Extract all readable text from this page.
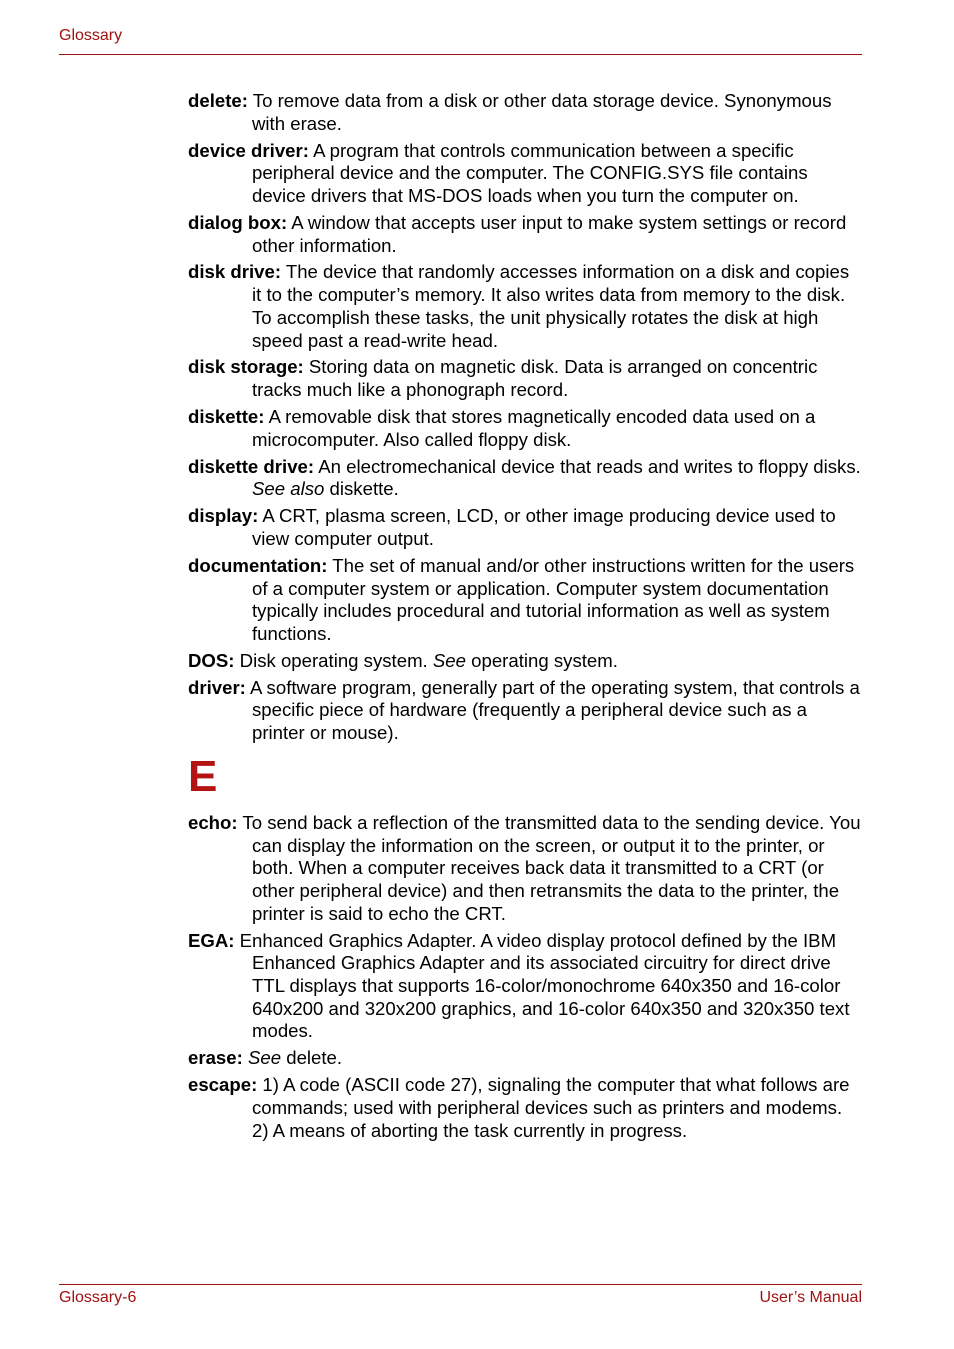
Glossary

delete: To remove data from a disk or other data storage device. Synonymous with erase.

device driver: A program that controls communication between a specific peripheral device and the computer. The CONFIG.SYS file contains device drivers that MS-DOS loads when you turn the computer on.

dialog box: A window that accepts user input to make system settings or record other information.

disk drive: The device that randomly accesses information on a disk and copies it to the computer’s memory. It also writes data from memory to the disk. To accomplish these tasks, the unit physically rotates the disk at high speed past a read-write head.

disk storage: Storing data on magnetic disk. Data is arranged on concentric tracks much like a phonograph record.

diskette: A removable disk that stores magnetically encoded data used on a microcomputer. Also called floppy disk.

diskette drive: An electromechanical device that reads and writes to floppy disks. See also diskette.

display: A CRT, plasma screen, LCD, or other image producing device used to view computer output.

documentation: The set of manual and/or other instructions written for the users of a computer system or application. Computer system documentation typically includes procedural and tutorial information as well as system functions.

DOS: Disk operating system. See operating system.

driver: A software program, generally part of the operating system, that controls a specific piece of hardware (frequently a peripheral device such as a printer or mouse).

E

echo: To send back a reflection of the transmitted data to the sending device. You can display the information on the screen, or output it to the printer, or both. When a computer receives back data it transmitted to a CRT (or other peripheral device) and then retransmits the data to the printer, the printer is said to echo the CRT.

EGA: Enhanced Graphics Adapter. A video display protocol defined by the IBM Enhanced Graphics Adapter and its associated circuitry for direct drive TTL displays that supports 16-color/monochrome 640x350 and 16-color 640x200 and 320x200 graphics, and 16-color 640x350 and 320x350 text modes.

erase: See delete.

escape: 1) A code (ASCII code 27), signaling the computer that what follows are commands; used with peripheral devices such as printers and modems. 2) A means of aborting the task currently in progress.

Glossary-6	User’s Manual
